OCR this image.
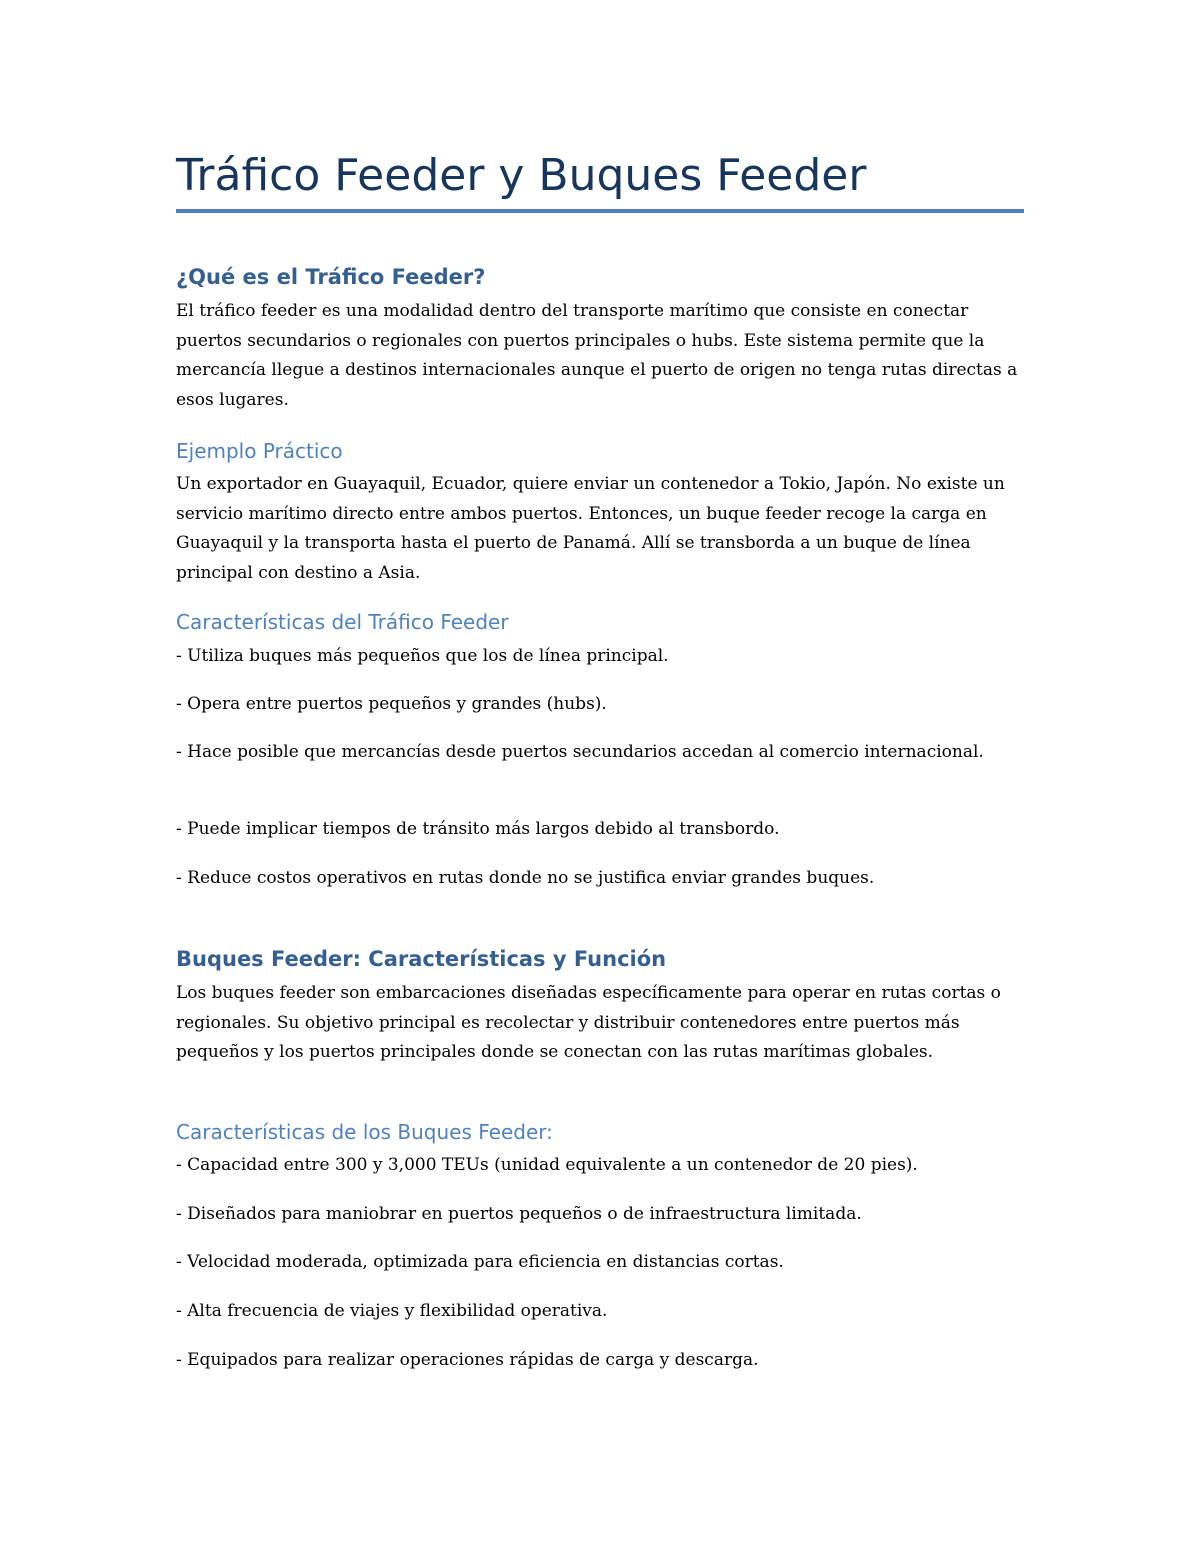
Tráfico Feeder y Buques Feeder
¿Qué es el Tráfico Feeder?

El tráfico feeder es una modalidad dentro del transporte marítimo que consiste en conectar puertos secundarios o regionales con puertos principales o hubs. Este sistema permite que la mercancía llegue a destinos internacionales aunque el puerto de origen no tenga rutas directas a esos lugares.

Ejemplo Práctico

Un exportador en Guayaquil, Ecuador, quiere enviar un contenedor a Tokio, Japón. No existe un servicio marítimo directo entre ambos puertos. Entonces, un buque feeder recoge la carga en Guayaquil y la transporta hasta el puerto de Panamá. Allí se transborda a un buque de línea principal con destino a Asia.

Características del Tráfico Feeder

- Utiliza buques más pequeños que los de línea principal.

- Opera entre puertos pequeños y grandes (hubs).

- Hace posible que mercancías desde puertos secundarios accedan al comercio internacional.

- Puede implicar tiempos de tránsito más largos debido al transbordo.

- Reduce costos operativos en rutas donde no se justifica enviar grandes buques.

Buques Feeder: Características y Función

Los buques feeder son embarcaciones diseñadas específicamente para operar en rutas cortas o regionales. Su objetivo principal es recolectar y distribuir contenedores entre puertos más pequeños y los puertos principales donde se conectan con las rutas marítimas globales.

Características de los Buques Feeder:

- Capacidad entre 300 y 3,000 TEUs (unidad equivalente a un contenedor de 20 pies).

- Diseñados para maniobrar en puertos pequeños o de infraestructura limitada.

- Velocidad moderada, optimizada para eficiencia en distancias cortas.

- Alta frecuencia de viajes y flexibilidad operativa.

- Equipados para realizar operaciones rápidas de carga y descarga.
